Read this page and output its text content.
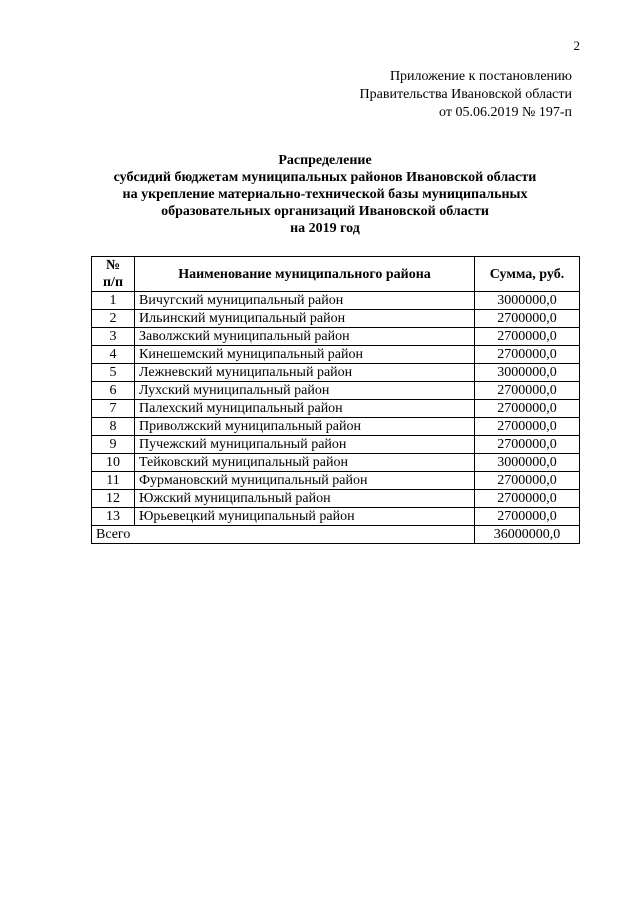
2
Приложение к постановлению
Правительства Ивановской области
от 05.06.2019 № 197-п
Распределение
субсидий бюджетам муниципальных районов Ивановской области
на укрепление материально-технической базы муниципальных
образовательных организаций Ивановской области
на 2019 год
№
п/п	Наименование муниципального района	Сумма, руб.
1	Вичугский муниципальный район	3000000,0
2	Ильинский муниципальный район	2700000,0
3	Заволжский муниципальный район	2700000,0
4	Кинешемский муниципальный район	2700000,0
5	Лежневский муниципальный район	3000000,0
6	Лухский муниципальный район	2700000,0
7	Палехский муниципальный район	2700000,0
8	Приволжский муниципальный район	2700000,0
9	Пучежский муниципальный район	2700000,0
10	Тейковский муниципальный район	3000000,0
11	Фурмановский муниципальный район	2700000,0
12	Южский муниципальный район	2700000,0
13	Юрьевецкий муниципальный район	2700000,0
Всего		36000000,0
